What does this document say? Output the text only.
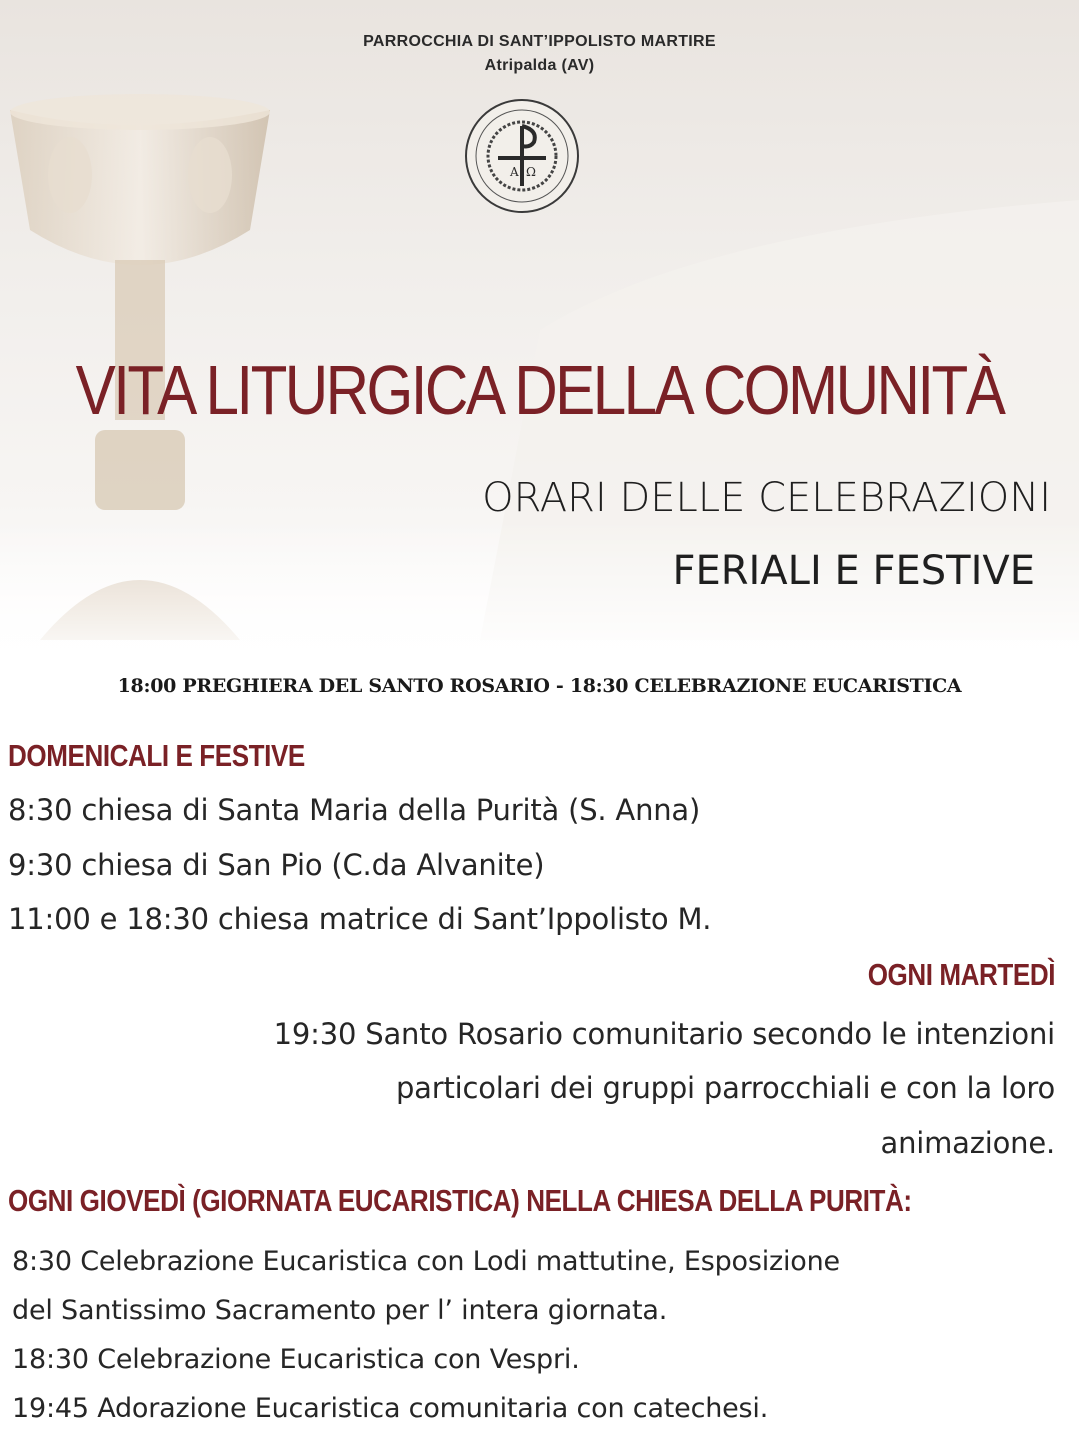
PARROCCHIA DI SANT’IPPOLISTO MARTIRE
Atripalda (AV)
A Ω
VITA LITURGICA DELLA COMUNITÀ
ORARI DELLE CELEBRAZIONI
FERIALI E FESTIVE
18:00 PREGHIERA DEL SANTO ROSARIO - 18:30 CELEBRAZIONE EUCARISTICA
DOMENICALI E FESTIVE
8:30 chiesa di Santa Maria della Purità (S. Anna)
9:30 chiesa di San Pio (C.da Alvanite)
11:00 e 18:30 chiesa matrice di Sant’Ippolisto M.
OGNI MARTEDÌ
19:30 Santo Rosario comunitario secondo le intenzioni
particolari dei gruppi parrocchiali e con la loro
animazione.
OGNI GIOVEDÌ (GIORNATA EUCARISTICA) NELLA CHIESA DELLA PURITÀ:
8:30 Celebrazione Eucaristica con Lodi mattutine, Esposizione
del Santissimo Sacramento per l’ intera giornata.
18:30 Celebrazione Eucaristica con Vespri.
19:45 Adorazione Eucaristica comunitaria con catechesi.
